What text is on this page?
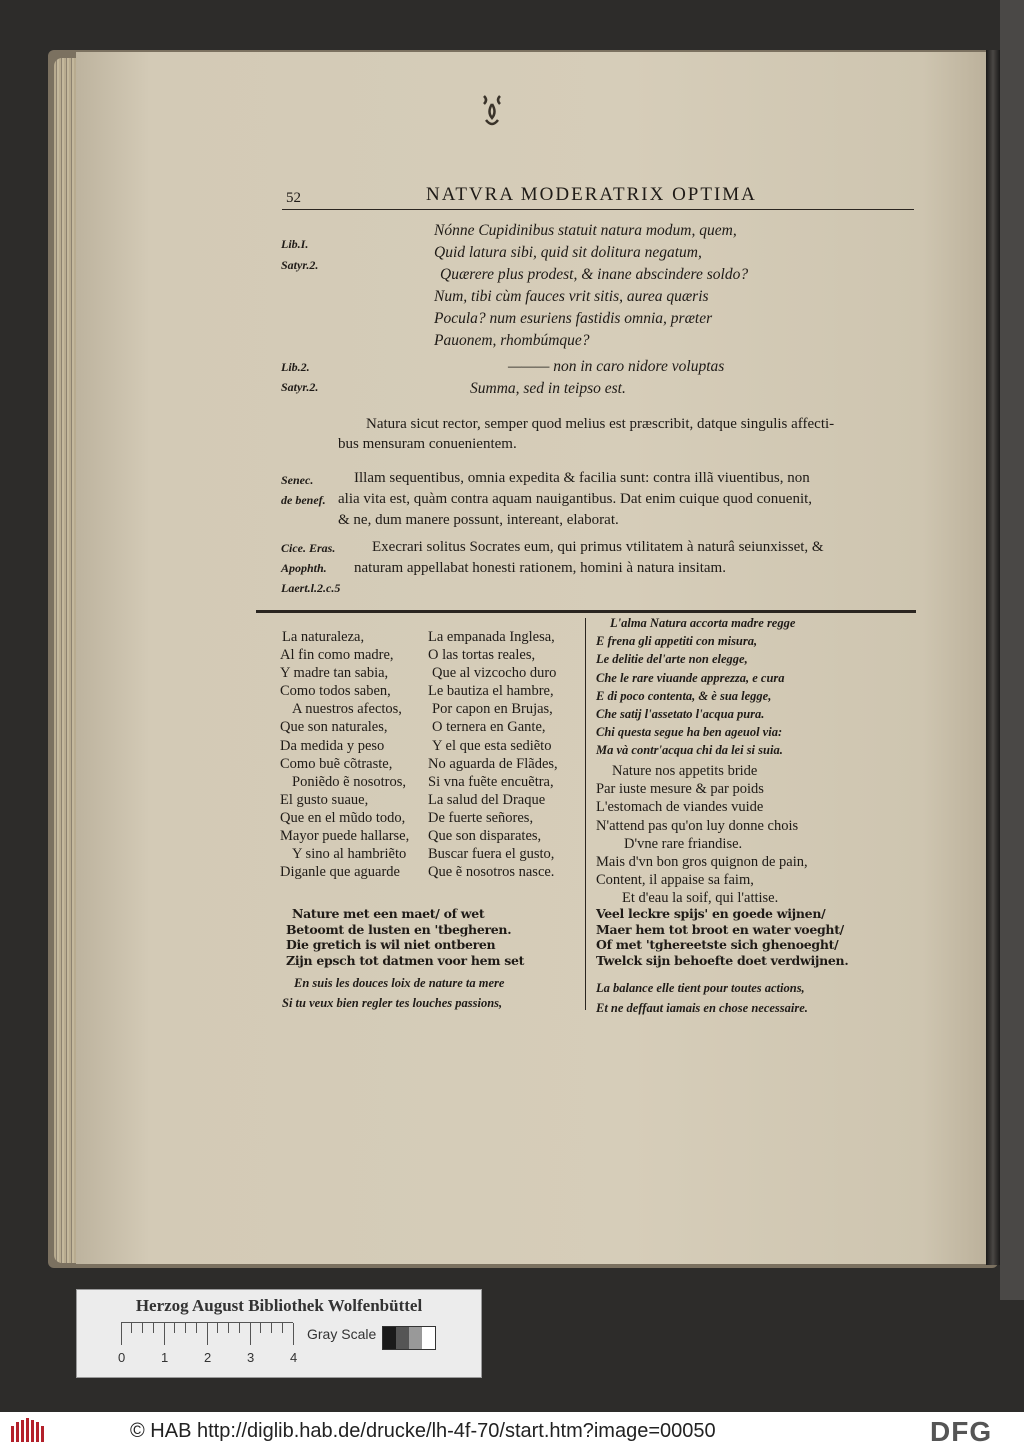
52	NATVRA MODERATRIX OPTIMA
Lib.I.
Satyr.2.
Nónne Cupidinibus statuit natura modum, quem,
Quid latura sibi, quid sit dolitura negatum,
Quærere plus prodest, & inane abscindere soldo?
Num, tibi cùm fauces vrit sitis, aurea quæris
Pocula? num esuriens fastidis omnia, præter
Pauonem, rhombúmque?
Lib.2.
Satyr.2.
——— non in caro nidore voluptas
Summa, sed in teipso est.
Natura sicut rector, semper quod melius est præscribit, datque singulis affecti-
bus mensuram conuenientem.
Senec.
de benef.
Illam sequentibus, omnia expedita & facilia sunt: contra illã viuentibus, non
alia vita est, quàm contra aquam nauigantibus. Dat enim cuique quod conuenit,
& ne, dum manere possunt, intereant, elaborat.
Cice. Eras.
Apophth.
Laert.l.2.c.5
Execrari solitus Socrates eum, qui primus vtilitatem à naturâ seiunxisset, &
naturam appellabat honesti rationem, homini à natura insitam.
La naturaleza,
Al fin como madre,
Y madre tan sabia,
Como todos saben,
A nuestros afectos,
Que son naturales,
Da medida y peso
Como buẽ cõtraste,
Poniẽdo ẽ nosotros,
El gusto suaue,
Que en el mũdo todo,
Mayor puede hallarse,
Y sino al hambriẽto
Diganle que aguarde
La empanada Inglesa,
O las tortas reales,
Que al vizcocho duro
Le bautiza el hambre,
Por capon en Brujas,
O ternera en Gante,
Y el que esta sediẽto
No aguarda de Flãdes,
Si vna fuẽte encuẽtra,
La salud del Draque
De fuerte señores,
Que son disparates,
Buscar fuera el gusto,
Que ẽ nosotros nasce.
L'alma Natura accorta madre regge
E frena gli appetiti con misura,
Le delitie del'arte non elegge,
Che le rare viuande apprezza, e cura
E di poco contenta, & è sua legge,
Che satij l'assetato l'acqua pura.
Chi questa segue ha ben ageuol via:
Ma và contr'acqua chi da lei si suia.
Nature nos appetits bride
Par iuste mesure & par poids
L'estomach de viandes vuide
N'attend pas qu'on luy donne chois
D'vne rare friandise.
Mais d'vn bon gros quignon de pain,
Content, il appaise sa faim,
Et d'eau la soif, qui l'attise.
Nature met een maet/ of wet
Betoomt de lusten en 'tbegheren.
Die gretich is wil niet ontberen
Zijn epsch tot datmen voor hem set
Veel leckre spijs' en goede wijnen/
Maer hem tot broot en water voeght/
Of met 'tghereetste sich ghenoeght/
Twelck sijn behoefte doet verdwijnen.
En suis les douces loix de nature ta mere
Si tu veux bien regler tes louches passions,
La balance elle tient pour toutes actions,
Et ne deffaut iamais en chose necessaire.
Herzog August Bibliothek Wolfenbüttel
0	1	2	3	4
Gray Scale
© HAB http://diglib.hab.de/drucke/lh-4f-70/start.htm?image=00050	DFG
